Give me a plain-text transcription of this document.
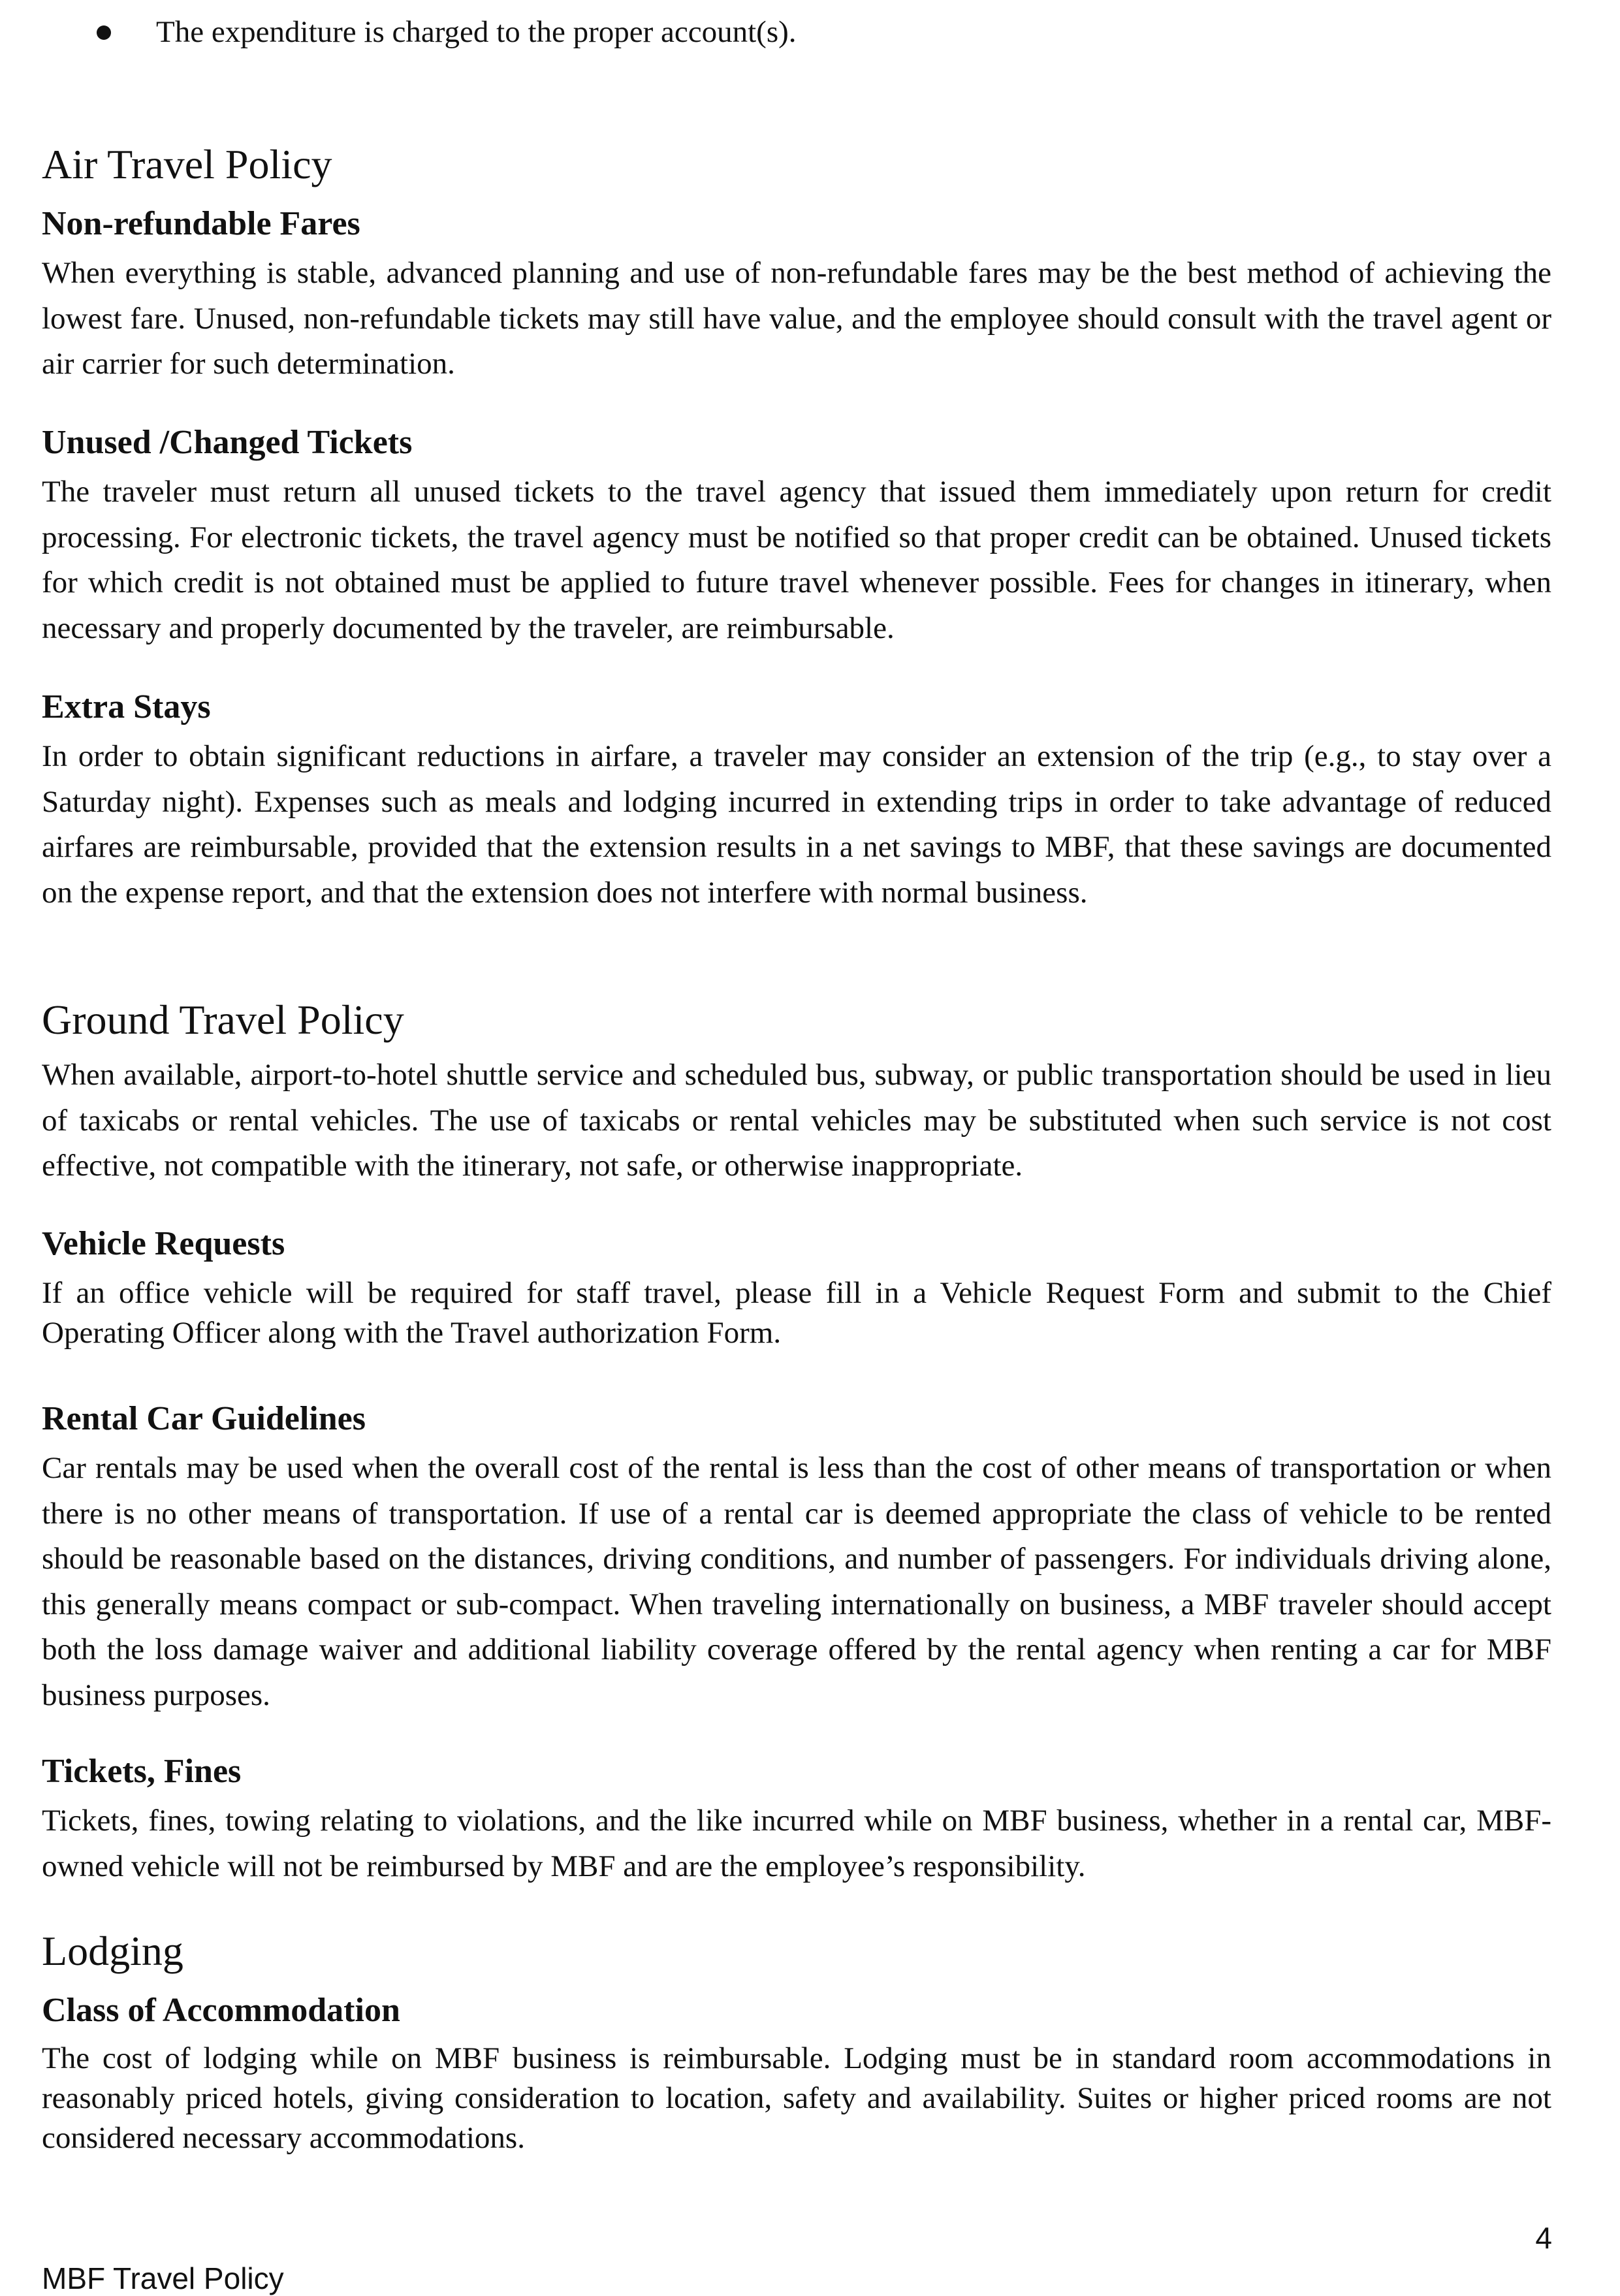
The expenditure is charged to the proper account(s).
Air Travel Policy
Non-refundable Fares

When everything is stable, advanced planning and use of non-refundable fares may be the best method of achieving the lowest fare. Unused, non-refundable tickets may still have value, and the employee should consult with the travel agent or air carrier for such determination.

Unused /Changed Tickets

The traveler must return all unused tickets to the travel agency that issued them immediately upon return for credit processing. For electronic tickets, the travel agency must be notified so that proper credit can be obtained. Unused tickets for which credit is not obtained must be applied to future travel whenever possible. Fees for changes in itinerary, when necessary and properly documented by the traveler, are reimbursable.

Extra Stays

In order to obtain significant reductions in airfare, a traveler may consider an extension of the trip (e.g., to stay over a Saturday night). Expenses such as meals and lodging incurred in extending trips in order to take advantage of reduced airfares are reimbursable, provided that the extension results in a net savings to MBF, that these savings are documented on the expense report, and that the extension does not interfere with normal business.

Ground Travel Policy

When available, airport-to-hotel shuttle service and scheduled bus, subway, or public transportation should be used in lieu of taxicabs or rental vehicles. The use of taxicabs or rental vehicles may be substituted when such service is not cost effective, not compatible with the itinerary, not safe, or otherwise inappropriate.

Vehicle Requests

If an office vehicle will be required for staff travel, please fill in a Vehicle Request Form and submit to the Chief Operating Officer along with the Travel authorization Form.

Rental Car Guidelines

Car rentals may be used when the overall cost of the rental is less than the cost of other means of transportation or when there is no other means of transportation. If use of a rental car is deemed appropriate the class of vehicle to be rented should be reasonable based on the distances, driving conditions, and number of passengers. For individuals driving alone, this generally means compact or sub-compact. When traveling internationally on business, a MBF traveler should accept both the loss damage waiver and additional liability coverage offered by the rental agency when renting a car for MBF business purposes.

Tickets, Fines

Tickets, fines, towing relating to violations, and the like incurred while on MBF business, whether in a rental car, MBF-owned vehicle will not be reimbursed by MBF and are the employee’s responsibility.

Lodging
Class of Accommodation

The cost of lodging while on MBF business is reimbursable. Lodging must be in standard room accommodations in reasonably priced hotels, giving consideration to location, safety and availability. Suites or higher priced rooms are not considered necessary accommodations.

4
MBF Travel Policy
